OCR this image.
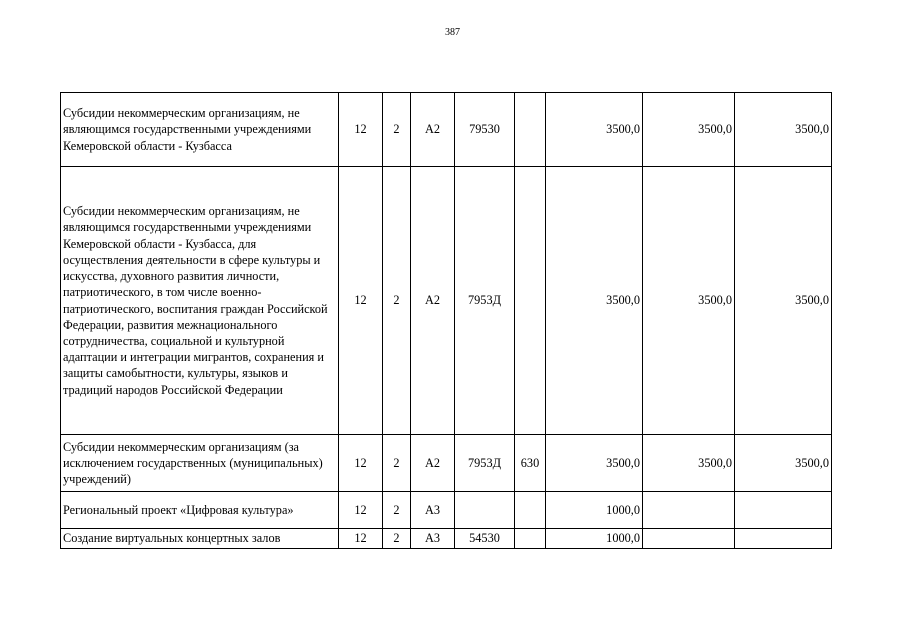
387
Субсидии некоммерческим организациям, не являющимся государственными учреждениями Кемеровской области - Кузбасса	12	2	А2	79530		3500,0	3500,0	3500,0
Субсидии некоммерческим организациям, не являющимся государственными учреждениями Кемеровской области - Кузбасса, для осуществления деятельности в сфере культуры и искусства, духовного развития личности, патриотического, в том числе военно-патриотического, воспитания граждан Российской Федерации, развития межнационального сотрудничества, социальной и культурной адаптации и интеграции мигрантов, сохранения и защиты самобытности, культуры, языков и традиций народов Российской Федерации	12	2	А2	7953Д		3500,0	3500,0	3500,0
Субсидии некоммерческим организациям (за исключением государственных (муниципальных) учреждений)	12	2	А2	7953Д	630	3500,0	3500,0	3500,0
Региональный проект «Цифровая культура»	12	2	А3			1000,0		
Создание виртуальных концертных залов	12	2	А3	54530		1000,0		
